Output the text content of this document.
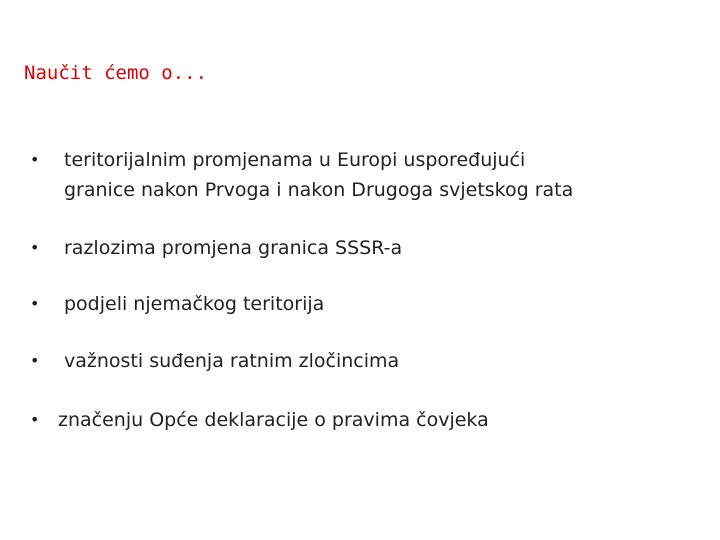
Naučit ćemo o...
• teritorijalnim promjenama u Europi uspoređujući
granice nakon Prvoga i nakon Drugoga svjetskog rata
• razlozima promjena granica SSSR-a
• podjeli njemačkog teritorija
• važnosti suđenja ratnim zločincima
• značenju Opće deklaracije o pravima čovjeka
